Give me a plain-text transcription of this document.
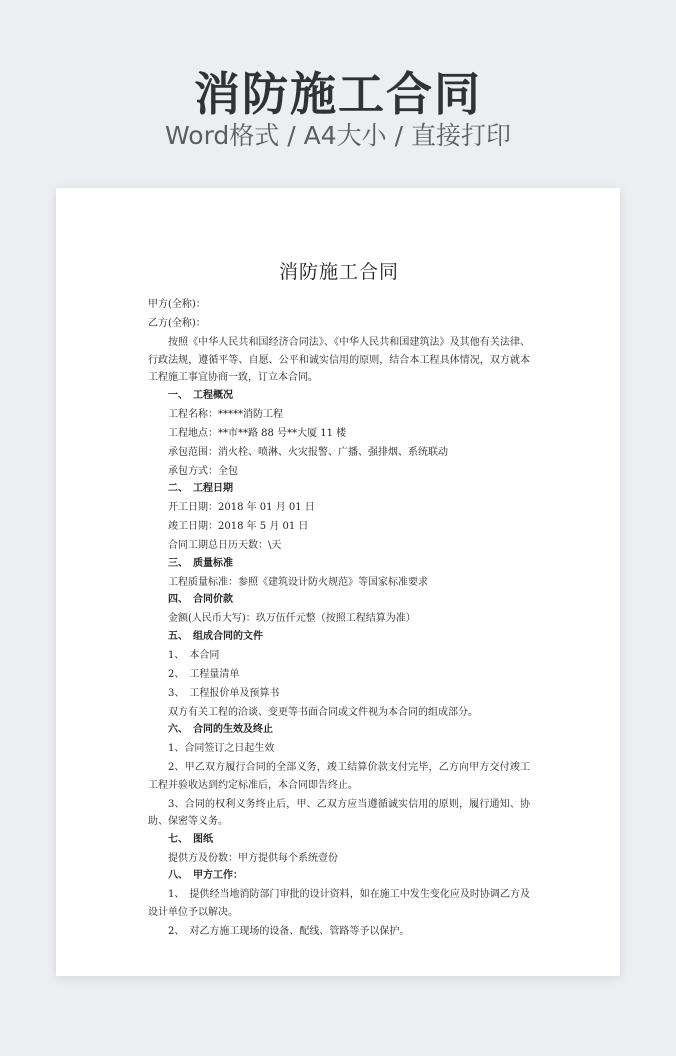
消防施工合同
Word格式 / A4大小 / 直接打印
消防施工合同
甲方(全称)：
乙方(全称)：
按照《中华人民共和国经济合同法》、《中华人民共和国建筑法》及其他有关法律、行政法规，遵循平等、自愿、公平和诚实信用的原则，结合本工程具体情况，双方就本工程施工事宜协商一致，订立本合同。
一、　工程概况
工程名称：*****消防工程
工程地点：**市**路 88 号**大厦 11 楼
承包范围：消火栓、喷淋、火灾报警、广播、强排烟、系统联动
承包方式：全包
二、　工程日期
开工日期：2018 年 01 月 01 日
竣工日期：2018 年 5 月 01 日
合同工期总日历天数：\天
三、　质量标准
工程质量标准：参照《建筑设计防火规范》等国家标准要求
四、　合同价款
金额(人民币大写)：玖万伍仟元整（按照工程结算为准）
五、　组成合同的文件
1、　本合同
2、　工程量清单
3、　工程报价单及预算书
双方有关工程的洽谈、变更等书面合同或文件视为本合同的组成部分。
六、　合同的生效及终止
1、合同签订之日起生效
2、甲乙双方履行合同的全部义务，竣工结算价款支付完毕，乙方向甲方交付竣工工程并验收达到约定标准后，本合同即告终止。
3、合同的权利义务终止后，甲、乙双方应当遵循诚实信用的原则，履行通知、协助、保密等义务。
七、　图纸
提供方及份数：甲方提供每个系统壹份
八、　甲方工作：
1、　提供经当地消防部门审批的设计资料，如在施工中发生变化应及时协调乙方及设计单位予以解决。
2、　对乙方施工现场的设备、配线、管路等予以保护。
